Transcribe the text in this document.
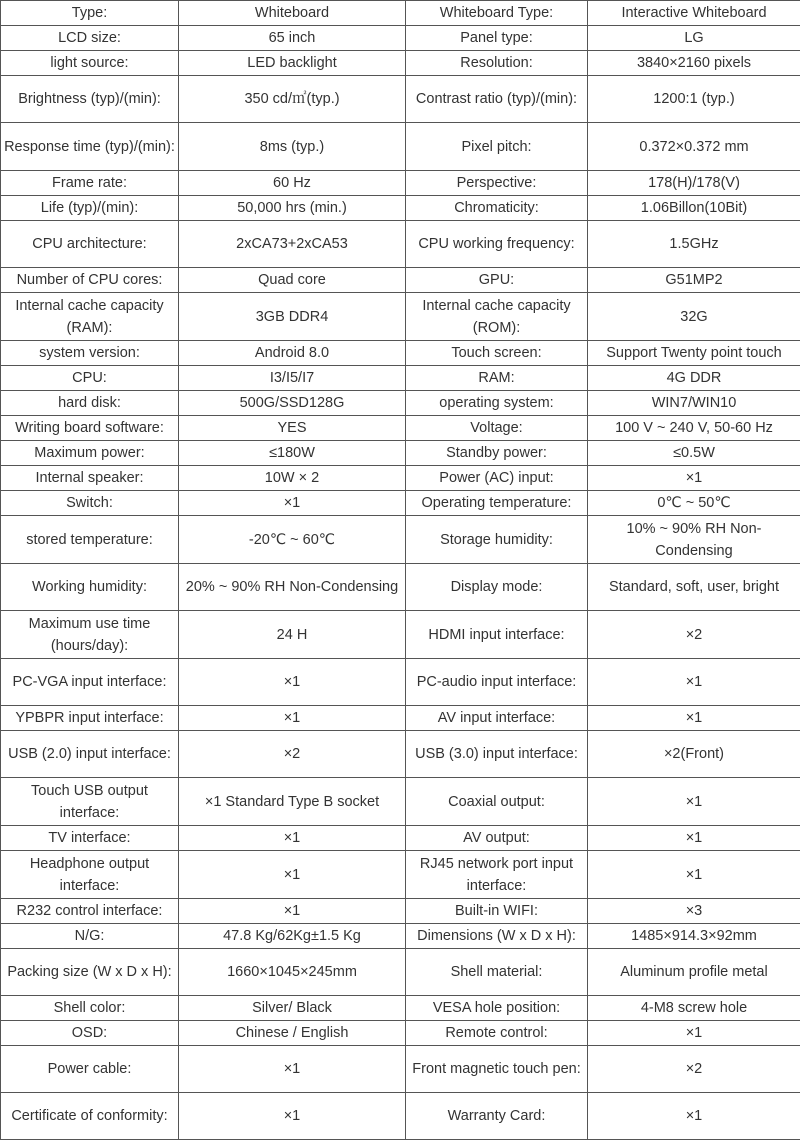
Type:	Whiteboard	Whiteboard Type:	Interactive Whiteboard
LCD size:	65 inch	Panel type:	LG
light source:	LED backlight	Resolution:	3840×2160 pixels
Brightness (typ)/(min):	350 cd/㎡(typ.)	Contrast ratio (typ)/(min):	1200:1 (typ.)
Response time (typ)/(min):	8ms (typ.)	Pixel pitch:	0.372×0.372 mm
Frame rate:	60 Hz	Perspective:	178(H)/178(V)
Life (typ)/(min):	50,000 hrs (min.)	Chromaticity:	1.06Billon(10Bit)
CPU architecture:	2xCA73+2xCA53	CPU working frequency:	1.5GHz
Number of CPU cores:	Quad core	GPU:	G51MP2
Internal cache capacity (RAM):	3GB DDR4	Internal cache capacity (ROM):	32G
system version:	Android 8.0	Touch screen:	Support Twenty point touch
CPU:	I3/I5/I7	RAM:	4G DDR
hard disk:	500G/SSD128G	operating system:	WIN7/WIN10
Writing board software:	YES	Voltage:	100 V ~ 240 V, 50-60 Hz
Maximum power:	≤180W	Standby power:	≤0.5W
Internal speaker:	10W × 2	Power (AC) input:	×1
Switch:	×1	Operating temperature:	0℃ ~ 50℃
stored temperature:	-20℃ ~ 60℃	Storage humidity:	10% ~ 90% RH Non-Condensing
Working humidity:	20% ~ 90% RH Non-Condensing	Display mode:	Standard, soft, user, bright
Maximum use time (hours/day):	24 H	HDMI input interface:	×2
PC-VGA input interface:	×1	PC-audio input interface:	×1
YPBPR input interface:	×1	AV input interface:	×1
USB (2.0) input interface:	×2	USB (3.0) input interface:	×2(Front)
Touch USB output interface:	×1 Standard Type B socket	Coaxial output:	×1
TV interface:	×1	AV output:	×1
Headphone output interface:	×1	RJ45 network port input interface:	×1
R232 control interface:	×1	Built-in WIFI:	×3
N/G:	47.8 Kg/62Kg±1.5 Kg	Dimensions (W x D x H):	1485×914.3×92mm
Packing size (W x D x H):	1660×1045×245mm	Shell material:	Aluminum profile metal
Shell color:	Silver/ Black	VESA hole position:	4-M8 screw hole
OSD:	Chinese / English	Remote control:	×1
Power cable:	×1	Front magnetic touch pen:	×2
Certificate of conformity:	×1	Warranty Card:	×1
